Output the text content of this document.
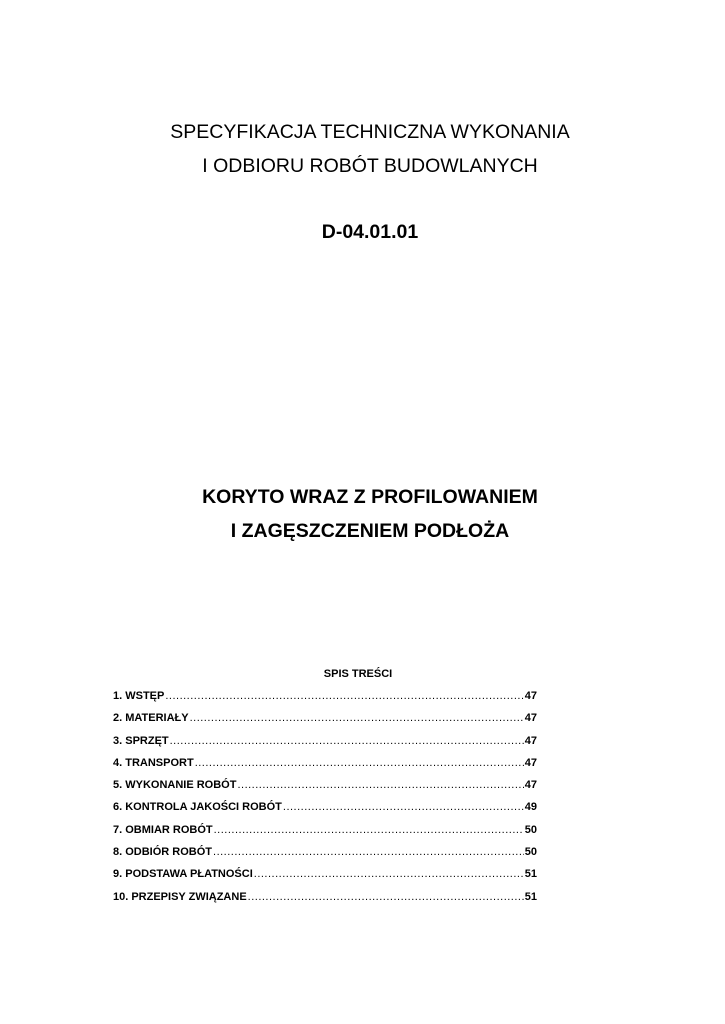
SPECYFIKACJA TECHNICZNA WYKONANIA
I ODBIORU ROBÓT BUDOWLANYCH
D-04.01.01
KORYTO WRAZ Z PROFILOWANIEM
I ZAGĘSZCZENIEM PODŁOŻA
SPIS TREŚCI
1. WSTĘP .....	47
2. MATERIAŁY .....	47
3. SPRZĘT .....	47
4. TRANSPORT .....	47
5. WYKONANIE ROBÓT .....	47
6. KONTROLA JAKOŚCI ROBÓT .....	49
7. OBMIAR ROBÓT .....	50
8. ODBIÓR ROBÓT .....	50
9. PODSTAWA PŁATNOŚCI .....	51
10. PRZEPISY ZWIĄZANE .....	51
